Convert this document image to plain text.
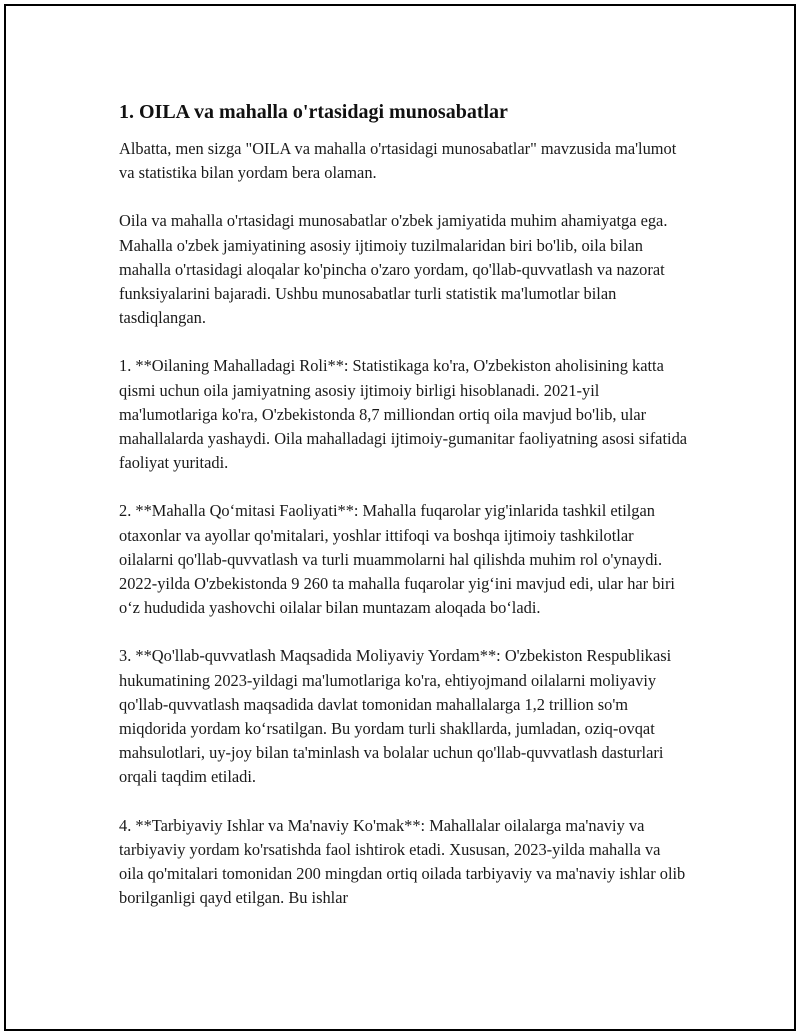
1. OILA va mahalla o'rtasidagi munosabatlar

Albatta, men sizga "OILA va mahalla o'rtasidagi munosabatlar" mavzusida ma'lumot va statistika bilan yordam bera olaman.

Oila va mahalla o'rtasidagi munosabatlar o'zbek jamiyatida muhim ahamiyatga ega. Mahalla o'zbek jamiyatining asosiy ijtimoiy tuzilmalaridan biri bo'lib, oila bilan mahalla o'rtasidagi aloqalar ko'pincha o'zaro yordam, qo'llab-quvvatlash va nazorat funksiyalarini bajaradi. Ushbu munosabatlar turli statistik ma'lumotlar bilan tasdiqlangan.

1. **Oilaning Mahalladagi Roli**: Statistikaga ko'ra, O'zbekiston aholisining katta qismi uchun oila jamiyatning asosiy ijtimoiy birligi hisoblanadi. 2021-yil ma'lumotlariga ko'ra, O'zbekistonda 8,7 milliondan ortiq oila mavjud bo'lib, ular mahallalarda yashaydi. Oila mahalladagi ijtimoiy-gumanitar faoliyatning asosi sifatida faoliyat yuritadi.

2. **Mahalla Qo‘mitasi Faoliyati**: Mahalla fuqarolar yig'inlarida tashkil etilgan otaxonlar va ayollar qo'mitalari, yoshlar ittifoqi va boshqa ijtimoiy tashkilotlar oilalarni qo'llab-quvvatlash va turli muammolarni hal qilishda muhim rol o'ynaydi. 2022-yilda O'zbekistonda 9 260 ta mahalla fuqarolar yig‘ini mavjud edi, ular har biri o‘z hududida yashovchi oilalar bilan muntazam aloqada bo‘ladi.

3. **Qo'llab-quvvatlash Maqsadida Moliyaviy Yordam**: O'zbekiston Respublikasi hukumatining 2023-yildagi ma'lumotlariga ko'ra, ehtiyojmand oilalarni moliyaviy qo'llab-quvvatlash maqsadida davlat tomonidan mahallalarga 1,2 trillion so'm miqdorida yordam ko‘rsatilgan. Bu yordam turli shakllarda, jumladan, oziq-ovqat mahsulotlari, uy-joy bilan ta'minlash va bolalar uchun qo'llab-quvvatlash dasturlari orqali taqdim etiladi.

4. **Tarbiyaviy Ishlar va Ma'naviy Ko'mak**: Mahallalar oilalarga ma'naviy va tarbiyaviy yordam ko'rsatishda faol ishtirok etadi. Xususan, 2023-yilda mahalla va oila qo'mitalari tomonidan 200 mingdan ortiq oilada tarbiyaviy va ma'naviy ishlar olib borilganligi qayd etilgan. Bu ishlar
